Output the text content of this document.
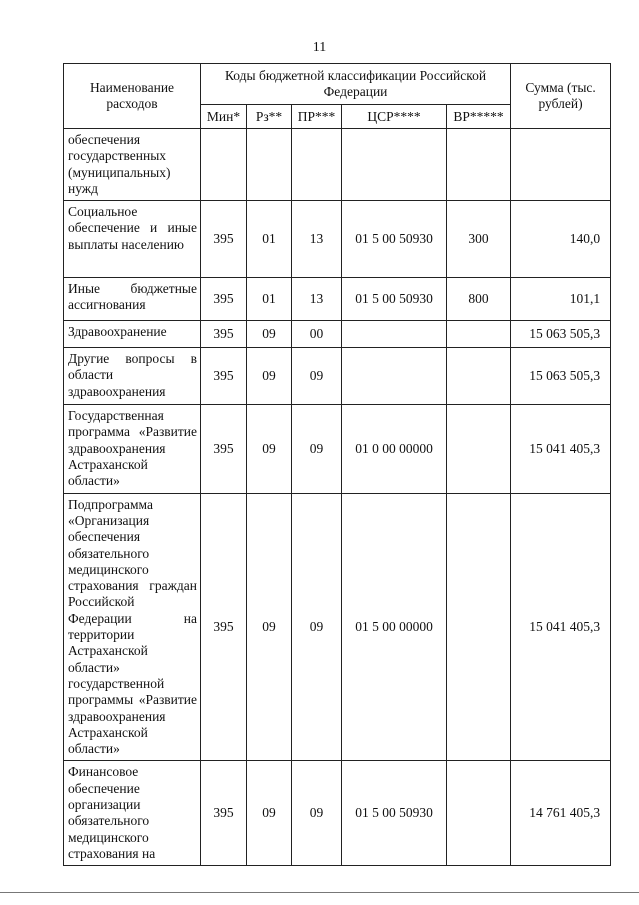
11
Наименование расходов	Коды бюджетной классификации Российской Федерации					Сумма (тыс. рублей)
	Мин*	Рз**	ПР***	ЦСР****	ВР*****	
обеспечения государственных (муниципальных) нужд						
Социальное обеспечение и иные выплаты населению	395	01	13	01 5 00 50930	300	140,0
Иные бюджетные ассигнования	395	01	13	01 5 00 50930	800	101,1
Здравоохранение	395	09	00			15 063 505,3
Другие вопросы в области здравоохранения	395	09	09			15 063 505,3
Государственная программа «Развитие здравоохранения Астраханской области»	395	09	09	01 0 00 00000		15 041 405,3
Подпрограмма «Организация обеспечения обязательного медицинского страхования граждан Российской Федерации на территории Астраханской области» государственной программы «Развитие здравоохранения Астраханской области»	395	09	09	01 5 00 00000		15 041 405,3
Финансовое обеспечение организации обязательного медицинского страхования на	395	09	09	01 5 00 50930		14 761 405,3
